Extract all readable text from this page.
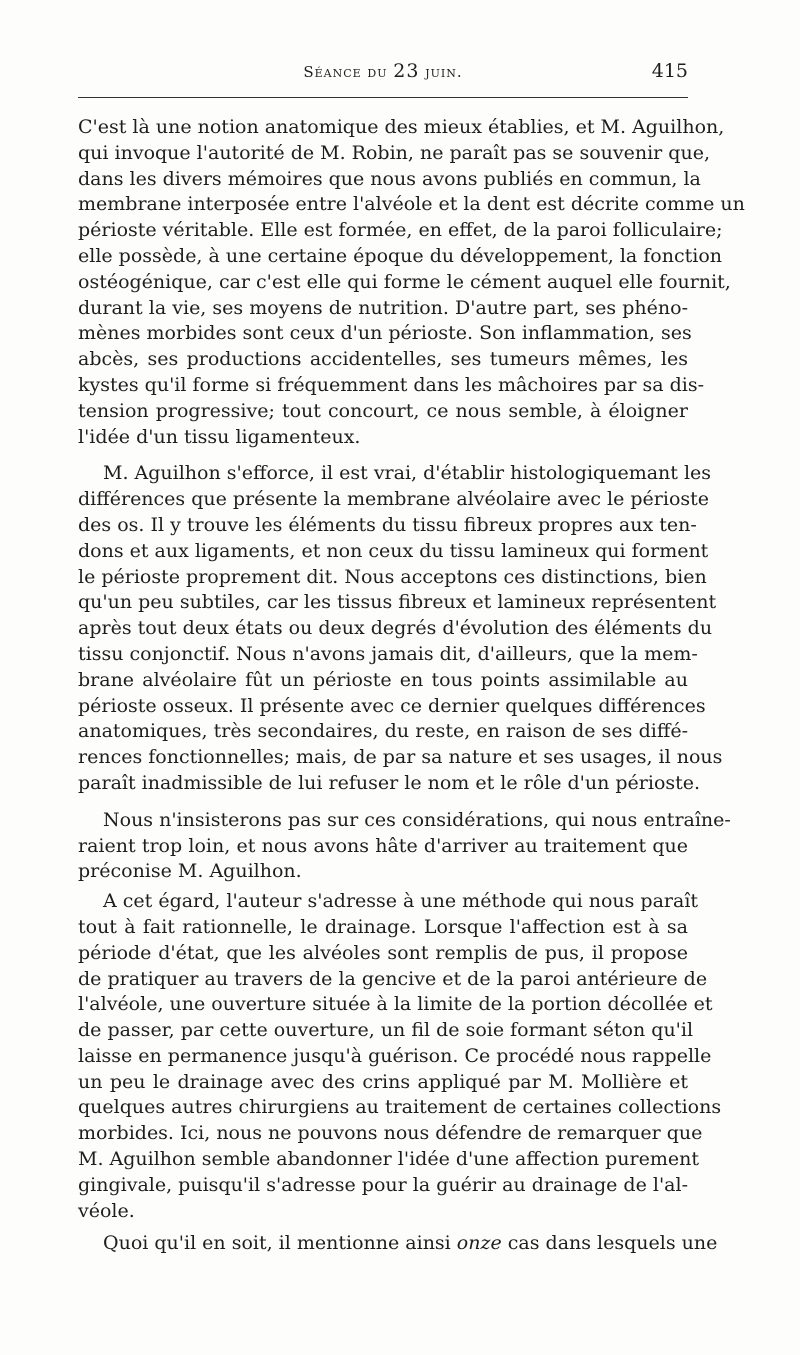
Séance du 23 juin.	415
C'est là une notion anatomique des mieux établies, et M. Aguilhon,
qui invoque l'autorité de M. Robin, ne paraît pas se souvenir que,
dans les divers mémoires que nous avons publiés en commun, la
membrane interposée entre l'alvéole et la dent est décrite comme un
périoste véritable. Elle est formée, en effet, de la paroi folliculaire;
elle possède, à une certaine époque du développement, la fonction
ostéogénique, car c'est elle qui forme le cément auquel elle fournit,
durant la vie, ses moyens de nutrition. D'autre part, ses phéno-
mènes morbides sont ceux d'un périoste. Son inflammation, ses
abcès, ses productions accidentelles, ses tumeurs mêmes, les
kystes qu'il forme si fréquemment dans les mâchoires par sa dis-
tension progressive; tout concourt, ce nous semble, à éloigner
l'idée d'un tissu ligamenteux.
M. Aguilhon s'efforce, il est vrai, d'établir histologiquemant les
différences que présente la membrane alvéolaire avec le périoste
des os. Il y trouve les éléments du tissu fibreux propres aux ten-
dons et aux ligaments, et non ceux du tissu lamineux qui forment
le périoste proprement dit. Nous acceptons ces distinctions, bien
qu'un peu subtiles, car les tissus fibreux et lamineux représentent
après tout deux états ou deux degrés d'évolution des éléments du
tissu conjonctif. Nous n'avons jamais dit, d'ailleurs, que la mem-
brane alvéolaire fût un périoste en tous points assimilable au
périoste osseux. Il présente avec ce dernier quelques différences
anatomiques, très secondaires, du reste, en raison de ses diffé-
rences fonctionnelles; mais, de par sa nature et ses usages, il nous
paraît inadmissible de lui refuser le nom et le rôle d'un périoste.
Nous n'insisterons pas sur ces considérations, qui nous entraîne-
raient trop loin, et nous avons hâte d'arriver au traitement que
préconise M. Aguilhon.
A cet égard, l'auteur s'adresse à une méthode qui nous paraît
tout à fait rationnelle, le drainage. Lorsque l'affection est à sa
période d'état, que les alvéoles sont remplis de pus, il propose
de pratiquer au travers de la gencive et de la paroi antérieure de
l'alvéole, une ouverture située à la limite de la portion décollée et
de passer, par cette ouverture, un fil de soie formant séton qu'il
laisse en permanence jusqu'à guérison. Ce procédé nous rappelle
un peu le drainage avec des crins appliqué par M. Mollière et
quelques autres chirurgiens au traitement de certaines collections
morbides. Ici, nous ne pouvons nous défendre de remarquer que
M. Aguilhon semble abandonner l'idée d'une affection purement
gingivale, puisqu'il s'adresse pour la guérir au drainage de l'al-
véole.
Quoi qu'il en soit, il mentionne ainsi onze cas dans lesquels une
